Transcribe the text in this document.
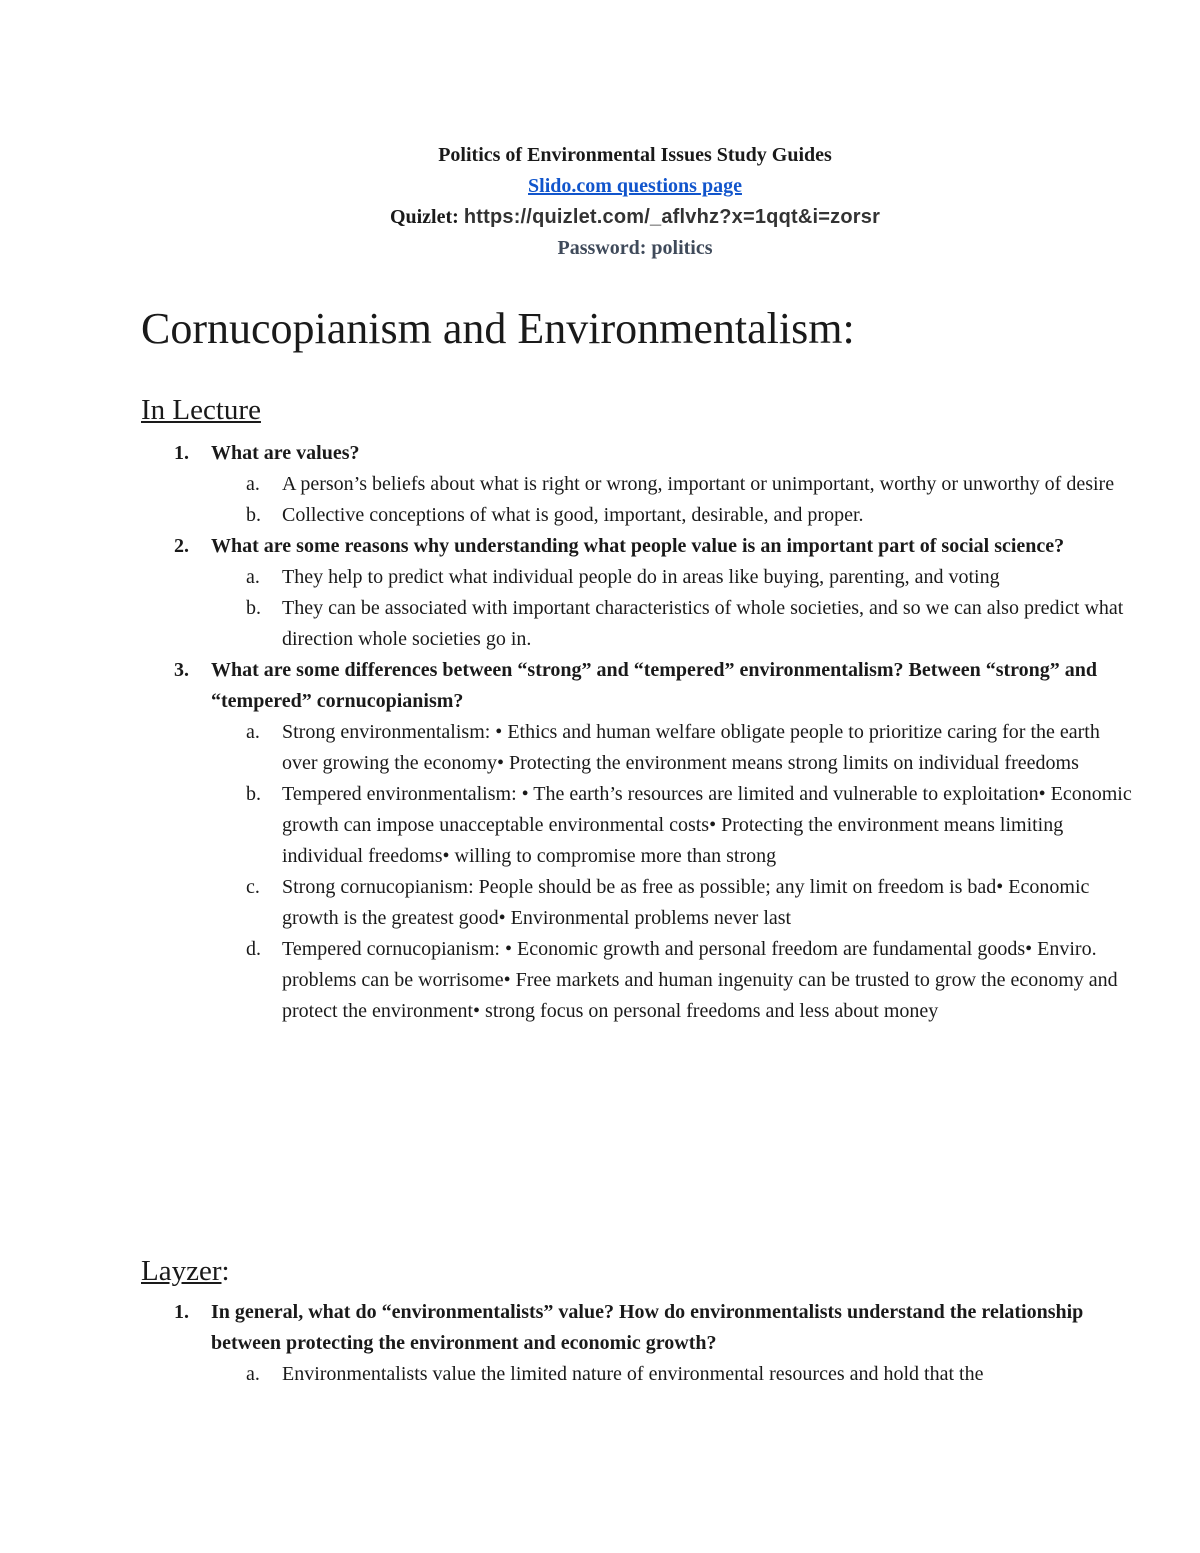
Politics of Environmental Issues Study Guides
Slido.com questions page
Quizlet: https://quizlet.com/_aflvhz?x=1qqt&i=zorsr
Password: politics
Cornucopianism and Environmentalism:
In Lecture
1. What are values?
a. A person’s beliefs about what is right or wrong, important or unimportant, worthy or unworthy of desire
b. Collective conceptions of what is good, important, desirable, and proper.
2. What are some reasons why understanding what people value is an important part of social science?
a. They help to predict what individual people do in areas like buying, parenting, and voting
b. They can be associated with important characteristics of whole societies, and so we can also predict what direction whole societies go in.
3. What are some differences between “strong” and “tempered” environmentalism? Between “strong” and “tempered” cornucopianism?
a. Strong environmentalism: • Ethics and human welfare obligate people to prioritize caring for the earth over growing the economy• Protecting the environment means strong limits on individual freedoms
b. Tempered environmentalism: • The earth’s resources are limited and vulnerable to exploitation• Economic growth can impose unacceptable environmental costs• Protecting the environment means limiting individual freedoms• willing to compromise more than strong
c. Strong cornucopianism: People should be as free as possible; any limit on freedom is bad• Economic growth is the greatest good• Environmental problems never last
d. Tempered cornucopianism: • Economic growth and personal freedom are fundamental goods• Enviro. problems can be worrisome• Free markets and human ingenuity can be trusted to grow the economy and protect the environment• strong focus on personal freedoms and less about money
Layzer:
1. In general, what do “environmentalists” value? How do environmentalists understand the relationship between protecting the environment and economic growth?
a. Environmentalists value the limited nature of environmental resources and hold that the
